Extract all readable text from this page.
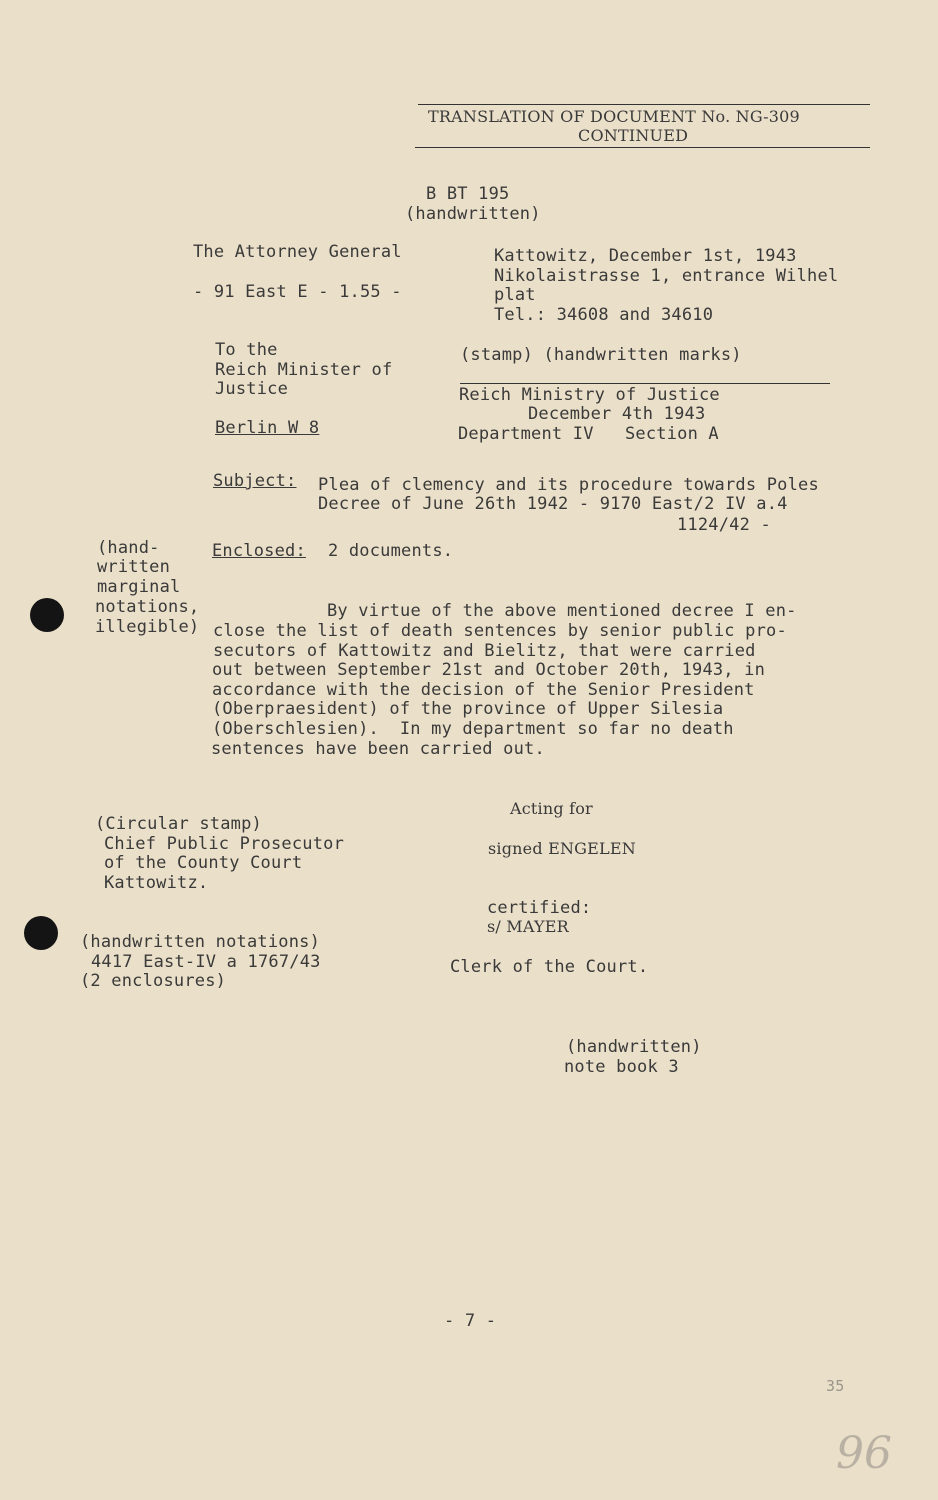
TRANSLATION OF DOCUMENT No. NG-309
CONTINUED
B BT 195
(handwritten)
The Attorney General
- 91 East E - 1.55 -
Kattowitz, December 1st, 1943
Nikolaistrasse 1, entrance Wilhel
plat
Tel.: 34608 and 34610
To the
Reich Minister of
Justice
Berlin W 8
(stamp) (handwritten marks)
Reich Ministry of Justice
December 4th 1943
Department IV   Section A
Subject: Plea of clemency and its procedure towards Poles
Decree of June 26th 1942 - 9170 East/2 IV a.4
1124/42 -
Enclosed: 2 documents.
(hand-
written
marginal
notations,
illegible)
By virtue of the above mentioned decree I en-
close the list of death sentences by senior public pro-
secutors of Kattowitz and Bielitz, that were carried
out between September 21st and October 20th, 1943, in
accordance with the decision of the Senior President
(Oberpraesident) of the province of Upper Silesia
(Oberschlesien).  In my department so far no death
sentences have been carried out.
(Circular stamp)
Chief Public Prosecutor
of the County Court
Kattowitz.
Acting for
signed ENGELEN
certified:
s/ MAYER
Clerk of the Court.
(handwritten notations)
4417 East-IV a 1767/43
(2 enclosures)
(handwritten)
note book 3
- 7 -
35
96
